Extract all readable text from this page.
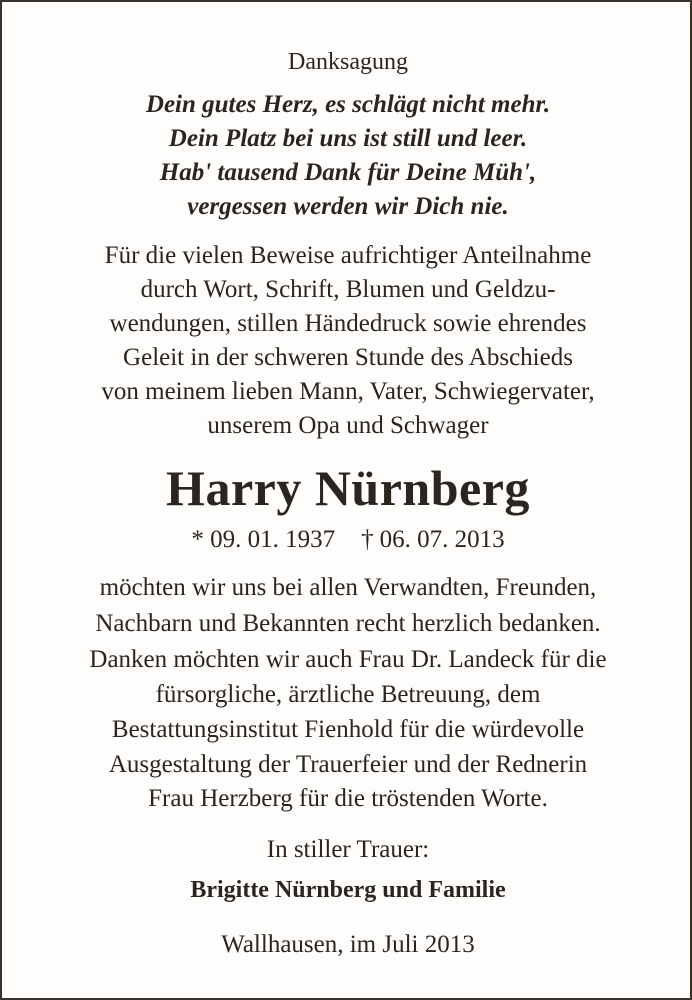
Danksagung
Dein gutes Herz, es schlägt nicht mehr.
Dein Platz bei uns ist still und leer.
Hab' tausend Dank für Deine Müh',
vergessen werden wir Dich nie.
Für die vielen Beweise aufrichtiger Anteilnahme
durch Wort, Schrift, Blumen und Geldzu-
wendungen, stillen Händedruck sowie ehrendes
Geleit in der schweren Stunde des Abschieds
von meinem lieben Mann, Vater, Schwiegervater,
unserem Opa und Schwager
Harry Nürnberg
* 09. 01. 1937 † 06. 07. 2013
möchten wir uns bei allen Verwandten, Freunden,
Nachbarn und Bekannten recht herzlich bedanken.
Danken möchten wir auch Frau Dr. Landeck für die
fürsorgliche, ärztliche Betreuung, dem
Bestattungsinstitut Fienhold für die würdevolle
Ausgestaltung der Trauerfeier und der Rednerin
Frau Herzberg für die tröstenden Worte.
In stiller Trauer:
Brigitte Nürnberg und Familie
Wallhausen, im Juli 2013
